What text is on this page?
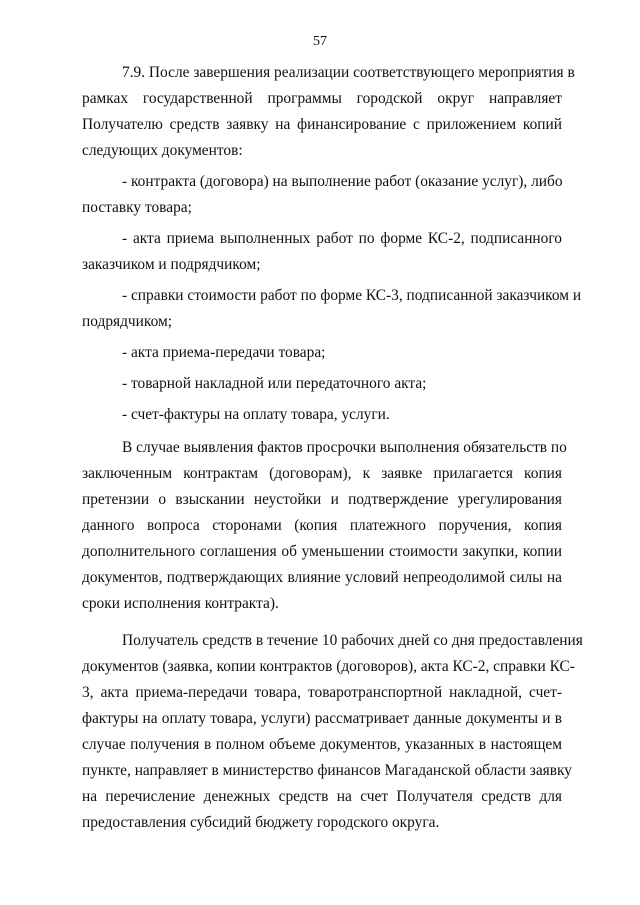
57
7.9. После завершения реализации соответствующего мероприятия в
рамках государственной программы городской округ направляет
Получателю средств заявку на финансирование с приложением копий
следующих документов:
- контракта (договора) на выполнение работ (оказание услуг), либо
поставку товара;
- акта приема выполненных работ по форме КС-2, подписанного
заказчиком и подрядчиком;
- справки стоимости работ по форме КС-3, подписанной заказчиком и
подрядчиком;
- акта приема-передачи товара;
- товарной накладной или передаточного акта;
- счет-фактуры на оплату товара, услуги.
В случае выявления фактов просрочки выполнения обязательств по
заключенным контрактам (договорам), к заявке прилагается копия
претензии о взыскании неустойки и подтверждение урегулирования
данного вопроса сторонами (копия платежного поручения, копия
дополнительного соглашения об уменьшении стоимости закупки, копии
документов, подтверждающих влияние условий непреодолимой силы на
сроки исполнения контракта).
Получатель средств в течение 10 рабочих дней со дня предоставления
документов (заявка, копии контрактов (договоров), акта КС-2, справки КС-
3, акта приема-передачи товара, товаротранспортной накладной, счет-
фактуры на оплату товара, услуги) рассматривает данные документы и в
случае получения в полном объеме документов, указанных в настоящем
пункте, направляет в министерство финансов Магаданской области заявку
на перечисление денежных средств на счет Получателя средств для
предоставления субсидий бюджету городского округа.
